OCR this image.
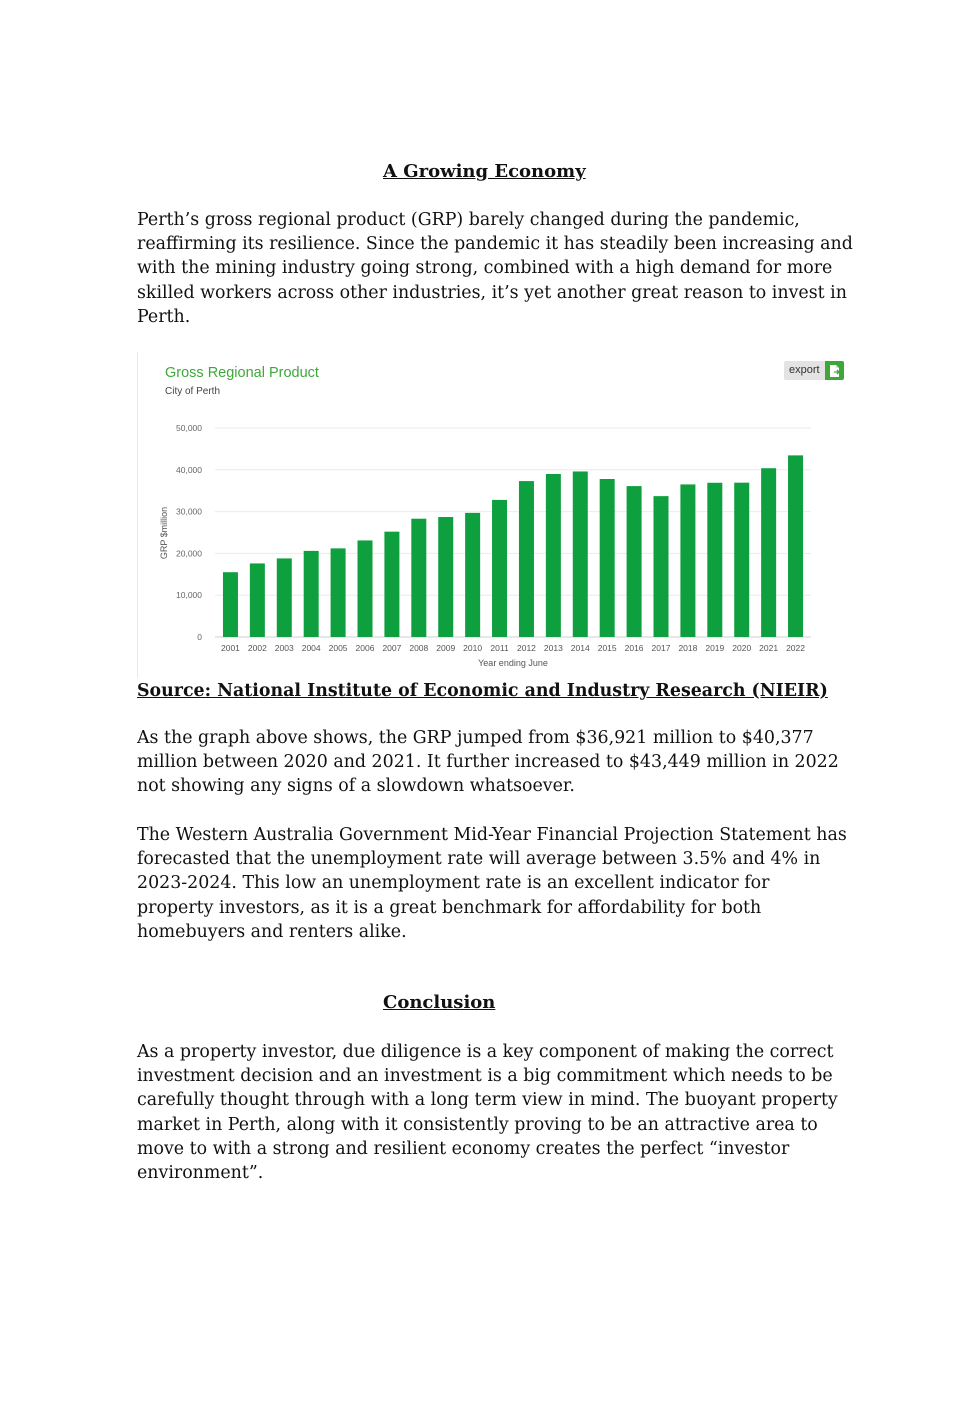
A Growing Economy

Perth’s gross regional product (GRP) barely changed during the pandemic,
reaffirming its resilience. Since the pandemic it has steadily been increasing and
with the mining industry going strong, combined with a high demand for more
skilled workers across other industries, it’s yet another great reason to invest in
Perth.

Source: National Institute of Economic and Industry Research (NIEIR)

As the graph above shows, the GRP jumped from $36,921 million to $40,377
million between 2020 and 2021. It further increased to $43,449 million in 2022
not showing any signs of a slowdown whatsoever.

The Western Australia Government Mid-Year Financial Projection Statement has
forecasted that the unemployment rate will average between 3.5% and 4% in
2023-2024. This low an unemployment rate is an excellent indicator for
property investors, as it is a great benchmark for affordability for both
homebuyers and renters alike.

Conclusion

As a property investor, due diligence is a key component of making the correct
investment decision and an investment is a big commitment which needs to be
carefully thought through with a long term view in mind. The buoyant property
market in Perth, along with it consistently proving to be an attractive area to
move to with a strong and resilient economy creates the perfect “investor
environment”.

Gross Regional Product
City of Perth
export
0
10,000
20,000
30,000
40,000
50,000
2001 2002 2003 2004 2005 2006 2007 2008 2009 2010 2011 2012 2013 2014 2015 2016 2017 2018 2019 2020 2021 2022
Year ending June
GRP $million
